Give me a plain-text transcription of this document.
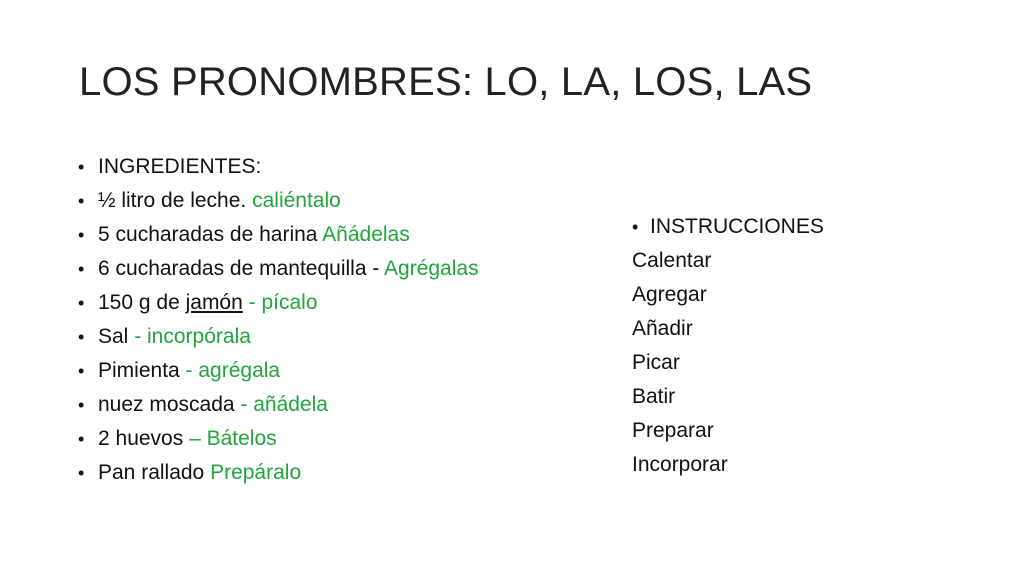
LOS PRONOMBRES: LO, LA, LOS, LAS
• INGREDIENTES:
• ½ litro de leche. caliéntalo
• 5 cucharadas de harina Añádelas
• 6 cucharadas de mantequilla - Agrégalas
• 150 g de jamón - pícalo
• Sal - incorpórala
• Pimienta - agrégala
• nuez moscada - añádela
• 2 huevos – Bátelos
• Pan rallado Prepáralo
• INSTRUCCIONES
Calentar
Agregar
Añadir
Picar
Batir
Preparar
Incorporar
